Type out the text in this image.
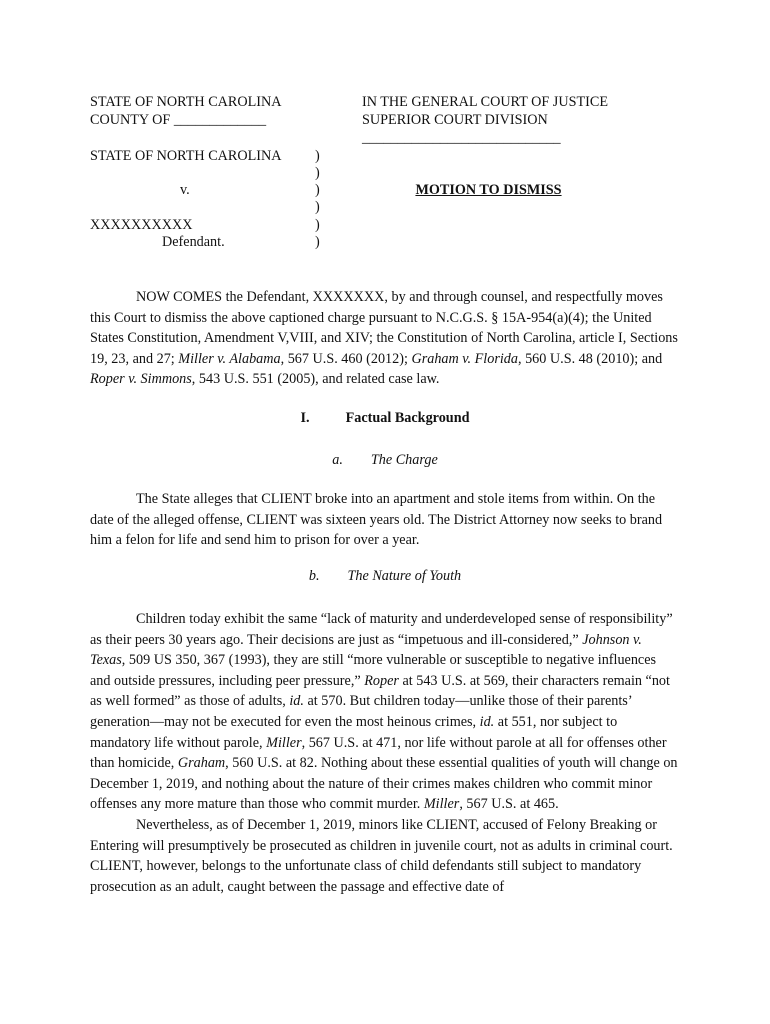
STATE OF NORTH CAROLINA
COUNTY OF _____________
IN THE GENERAL COURT OF JUSTICE
SUPERIOR COURT DIVISION
____________________________
STATE OF NORTH CAROLINA
v.
XXXXXXXXXX
Defendant.
)
)
)
)
)
)
MOTION TO DISMISS

NOW COMES the Defendant, XXXXXXX, by and through counsel, and respectfully moves this Court to dismiss the above captioned charge pursuant to N.C.G.S. § 15A-954(a)(4); the United States Constitution, Amendment V,VIII, and XIV; the Constitution of North Carolina, article I, Sections 19, 23, and 27; Miller v. Alabama, 567 U.S. 460 (2012); Graham v. Florida, 560 U.S. 48 (2010); and Roper v. Simmons, 543 U.S. 551 (2005), and related case law.

I.	Factual Background
a. The Charge

The State alleges that CLIENT broke into an apartment and stole items from within. On the date of the alleged offense, CLIENT was sixteen years old. The District Attorney now seeks to brand him a felon for life and send him to prison for over a year.

b. The Nature of Youth

Children today exhibit the same “lack of maturity and underdeveloped sense of responsibility” as their peers 30 years ago. Their decisions are just as “impetuous and ill-considered,” Johnson v. Texas, 509 US 350, 367 (1993), they are still “more vulnerable or susceptible to negative influences and outside pressures, including peer pressure,” Roper at 543 U.S. at 569, their characters remain “not as well formed” as those of adults, id. at 570. But children today—unlike those of their parents’ generation—may not be executed for even the most heinous crimes, id. at 551, nor subject to mandatory life without parole, Miller, 567 U.S. at 471, nor life without parole at all for offenses other than homicide, Graham, 560 U.S. at 82. Nothing about these essential qualities of youth will change on December 1, 2019, and nothing about the nature of their crimes makes children who commit minor offenses any more mature than those who commit murder. Miller, 567 U.S. at 465.

Nevertheless, as of December 1, 2019, minors like CLIENT, accused of Felony Breaking or Entering will presumptively be prosecuted as children in juvenile court, not as adults in criminal court. CLIENT, however, belongs to the unfortunate class of child defendants still subject to mandatory prosecution as an adult, caught between the passage and effective date of
